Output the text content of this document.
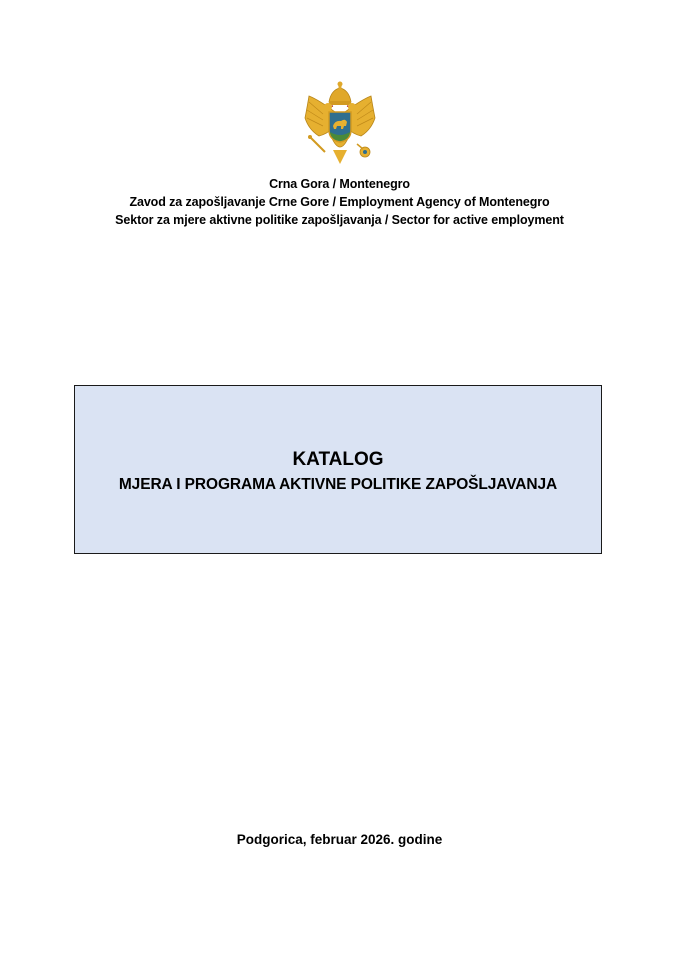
Crna Gora / Montenegro
Zavod za zapošljavanje Crne Gore / Employment Agency of Montenegro
Sektor za mjere aktivne politike zapošljavanja / Sector for active employment
KATALOG
MJERA I PROGRAMA AKTIVNE POLITIKE ZAPOŠLJAVANJA
Podgorica, februar 2026. godine
